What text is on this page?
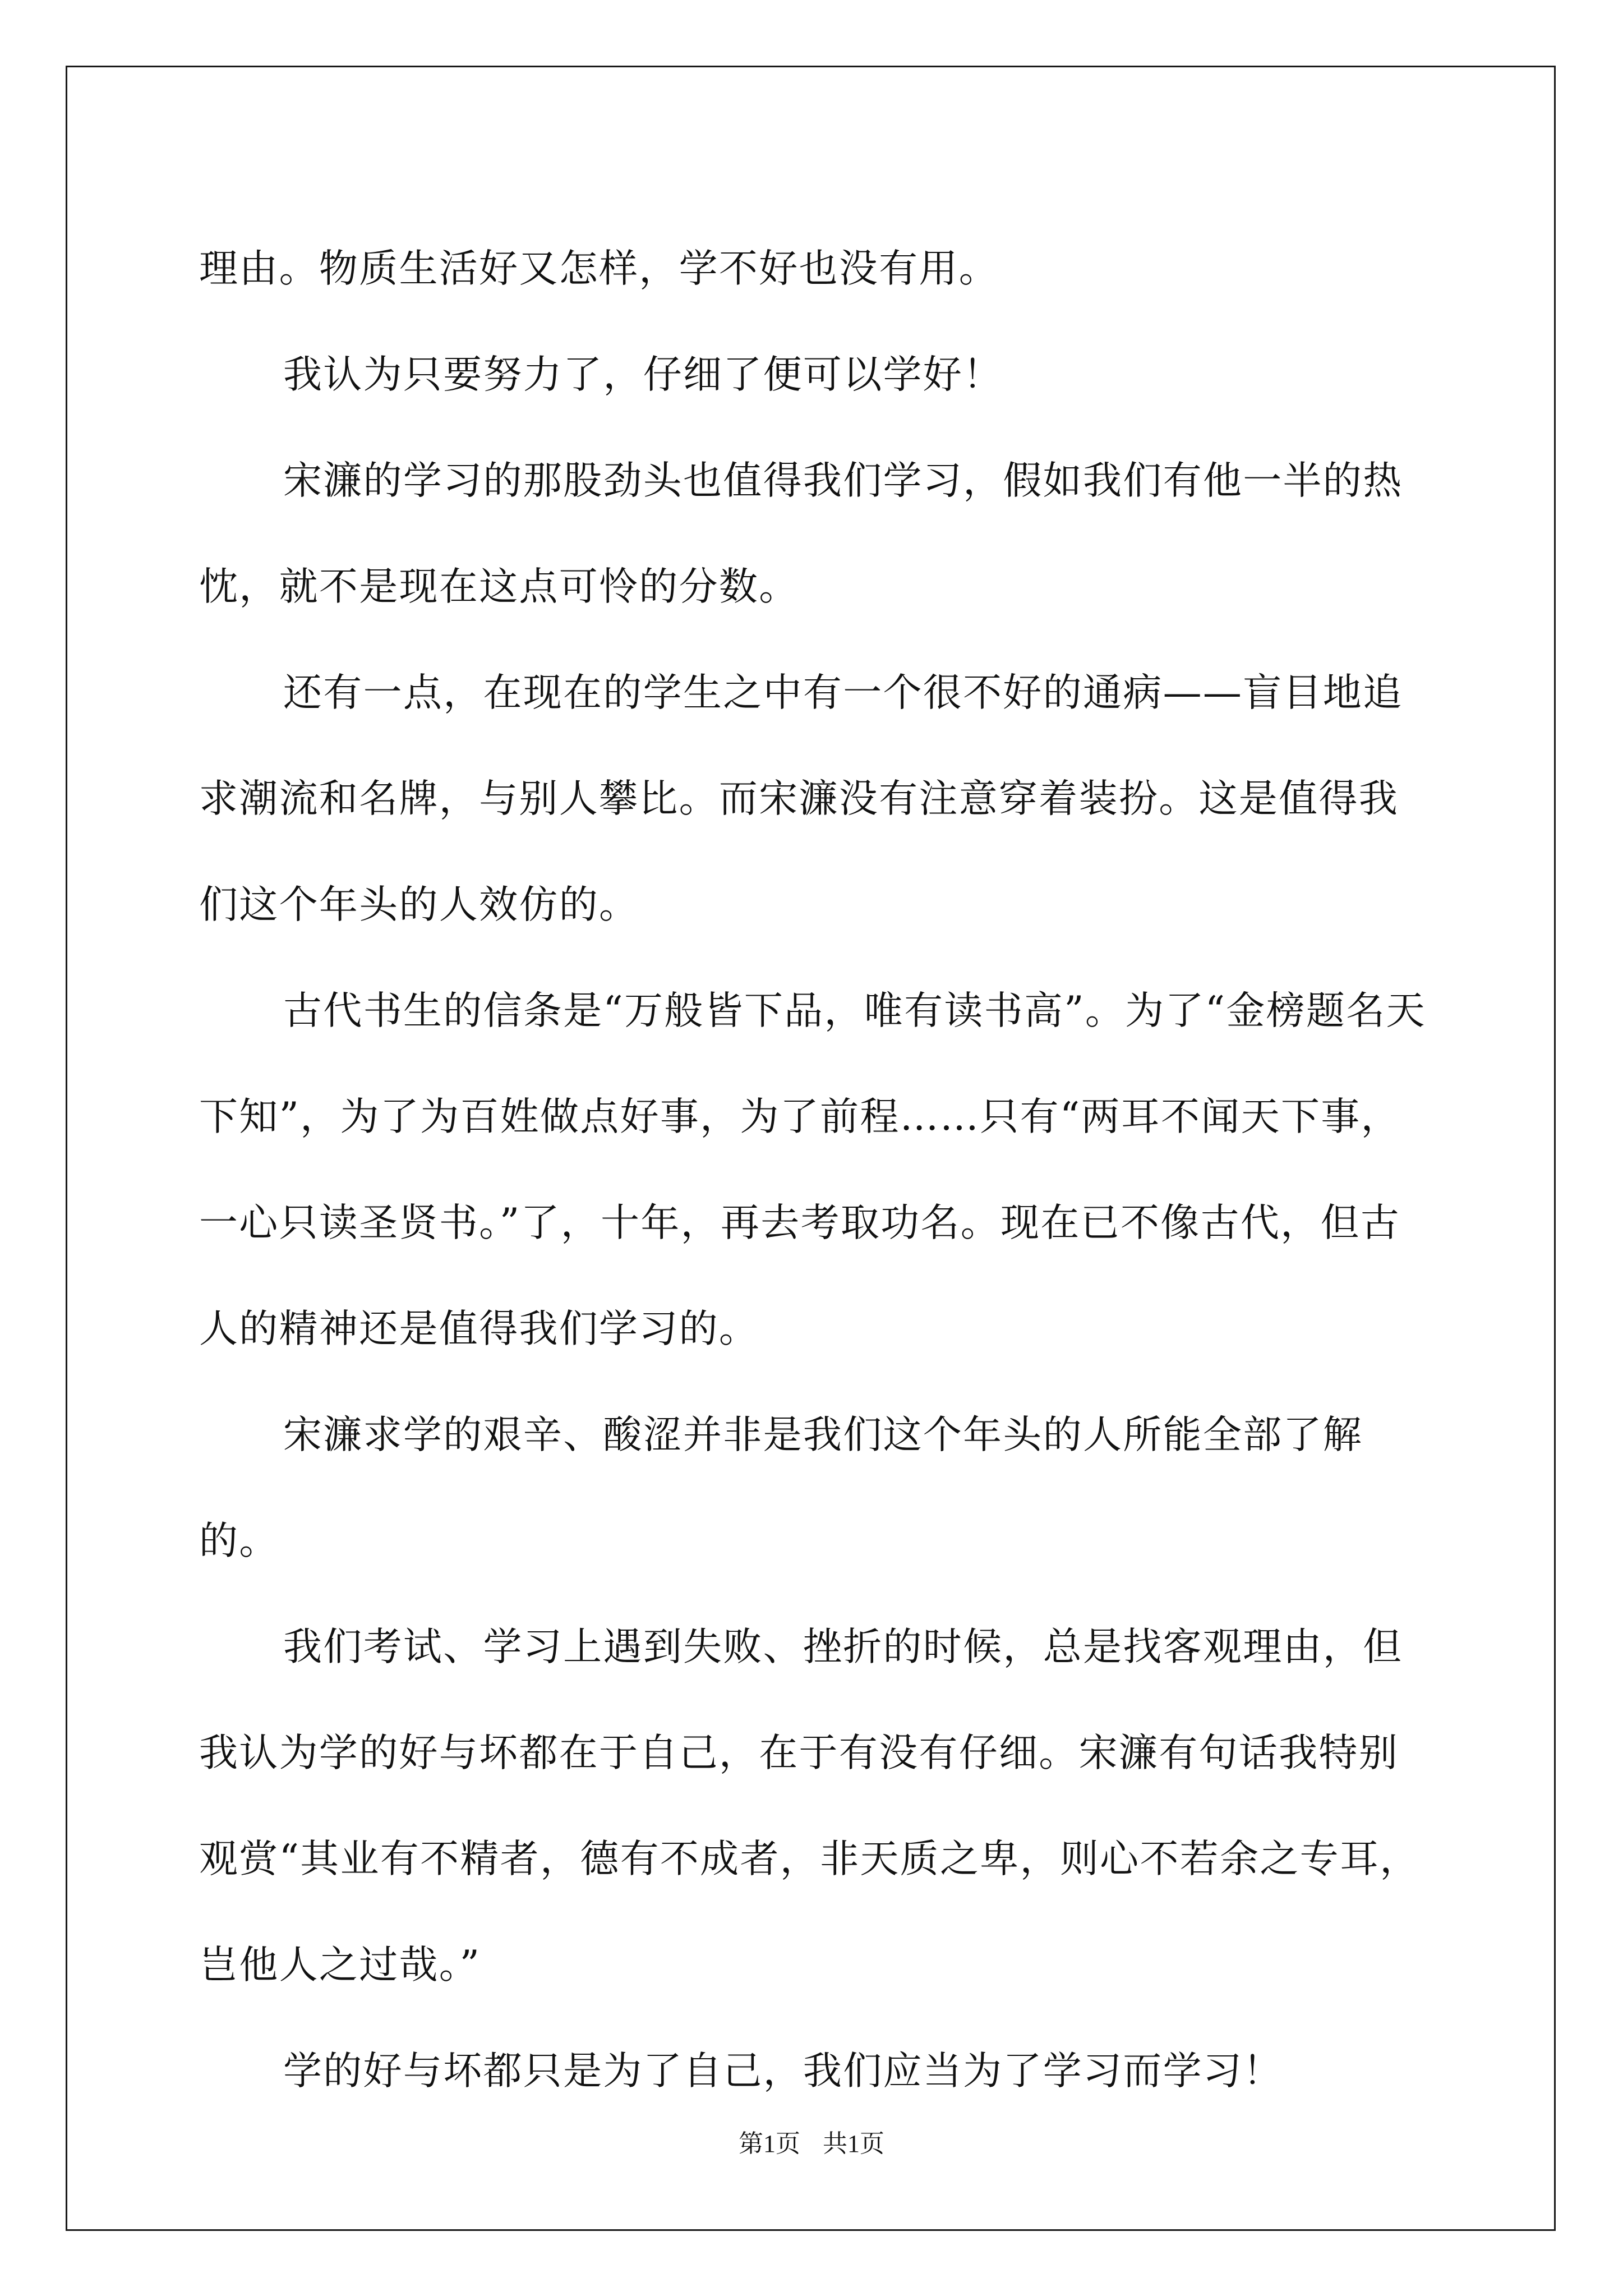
理由。物质生活好又怎样，学不好也没有用。

我认为只要努力了，仔细了便可以学好！

宋濂的学习的那股劲头也值得我们学习，假如我们有他一半的热忱，就不是现在这点可怜的分数。

还有一点，在现在的学生之中有一个很不好的通病——盲目地追求潮流和名牌，与别人攀比。而宋濂没有注意穿着装扮。这是值得我们这个年头的人效仿的。

古代书生的信条是“万般皆下品，唯有读书高”。为了“金榜题名天下知”，为了为百姓做点好事，为了前程……只有“两耳不闻天下事，一心只读圣贤书。”了，十年，再去考取功名。现在已不像古代，但古人的精神还是值得我们学习的。

宋濂求学的艰辛、酸涩并非是我们这个年头的人所能全部了解的。

我们考试、学习上遇到失败、挫折的时候，总是找客观理由，但我认为学的好与坏都在于自己，在于有没有仔细。宋濂有句话我特别观赏“其业有不精者，德有不成者，非天质之卑，则心不若余之专耳，岂他人之过哉。”

学的好与坏都只是为了自己，我们应当为了学习而学习！

第1页 共1页
